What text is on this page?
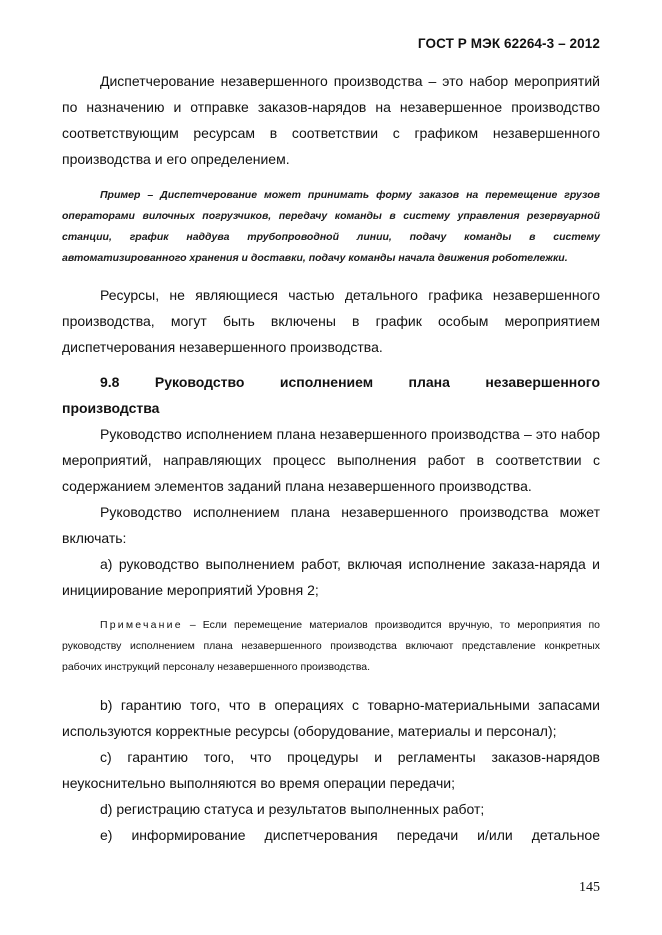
ГОСТ Р МЭК 62264-3 – 2012

Диспетчерование незавершенного производства – это набор мероприятий по назначению и отправке заказов-нарядов на незавершенное производство соответствующим ресурсам в соответствии с графиком незавершенного производства и его определением.

Пример – Диспетчерование может принимать форму заказов на перемещение грузов операторами вилочных погрузчиков, передачу команды в систему управления резервуарной станции, график наддува трубопроводной линии, подачу команды в систему автоматизированного хранения и доставки, подачу команды начала движения роботележки.

Ресурсы, не являющиеся частью детального графика незавершенного производства, могут быть включены в график особым мероприятием диспетчерования незавершенного производства.

9.8	Руководство	исполнением	плана	незавершенного
производства

Руководство исполнением плана незавершенного производства – это набор мероприятий, направляющих процесс выполнения работ в соответствии с содержанием элементов заданий плана незавершенного производства.

Руководство исполнением плана незавершенного производства может включать:

а) руководство выполнением работ, включая исполнение заказа-наряда и инициирование мероприятий Уровня 2;

Примечание – Если перемещение материалов производится вручную, то мероприятия по руководству исполнением плана незавершенного производства включают представление конкретных рабочих инструкций персоналу незавершенного производства.

b) гарантию того, что в операциях с товарно-материальными запасами используются корректные ресурсы (оборудование, материалы и персонал);

c) гарантию того, что процедуры и регламенты заказов-нарядов неукоснительно выполняются во время операции передачи;

d) регистрацию статуса и результатов выполненных работ;

e) информирование диспетчерования передачи и/или детальное

145
